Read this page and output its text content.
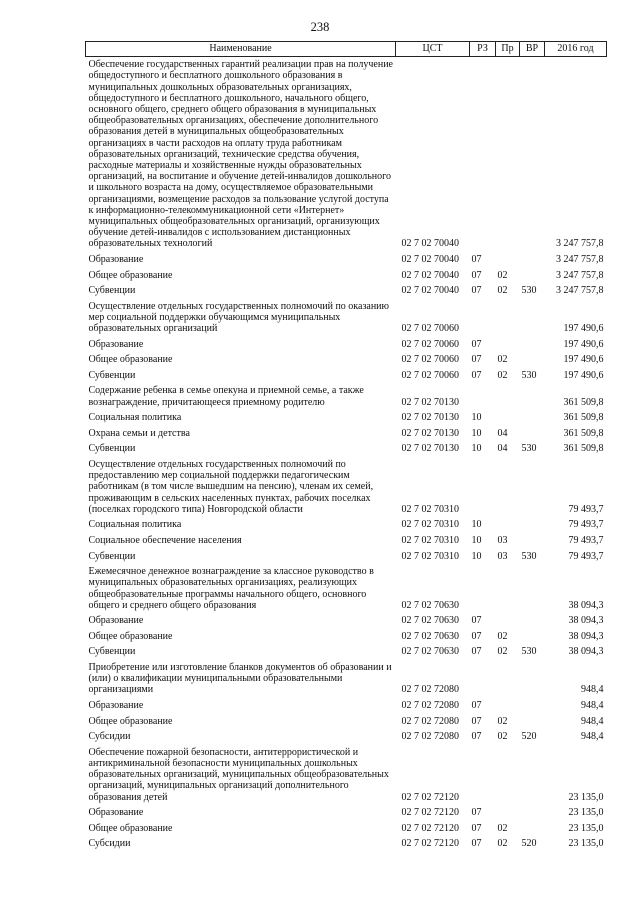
238
Наименование	ЦСТ	РЗ	Пр	ВР	2016 год
Обеспечение государственных гарантий реализации прав на получение общедоступного и бесплатного дошкольного образования в муниципальных дошкольных образовательных организациях, общедоступного и бесплатного дошкольного, начального общего, основного общего, среднего общего образования в муниципальных общеобразовательных организациях, обеспечение дополнительного образования детей в муниципальных общеобразовательных организациях в части расходов на оплату труда работникам образовательных организаций, технические средства обучения, расходные материалы и хозяйственные нужды образовательных организаций, на воспитание и обучение детей-инвалидов дошкольного и школьного возраста на дому, осуществляемое образовательными организациями, возмещение расходов за пользование услугой доступа к информационно-телекоммуникационной сети «Интернет» муниципальных общеобразовательных организаций, организующих обучение детей-инвалидов с использованием дистанционных образовательных технологий	02 7 02 70040				3 247 757,8
Образование	02 7 02 70040	07			3 247 757,8
Общее образование	02 7 02 70040	07	02		3 247 757,8
Субвенции	02 7 02 70040	07	02	530	3 247 757,8
Осуществление отдельных государственных полномочий по оказанию мер социальной поддержки обучающимся муниципальных образовательных организаций	02 7 02 70060				197 490,6
Образование	02 7 02 70060	07			197 490,6
Общее образование	02 7 02 70060	07	02		197 490,6
Субвенции	02 7 02 70060	07	02	530	197 490,6
Содержание ребенка в семье опекуна и приемной семье, а также вознаграждение, причитающееся приемному родителю	02 7 02 70130				361 509,8
Социальная политика	02 7 02 70130	10			361 509,8
Охрана семьи и детства	02 7 02 70130	10	04		361 509,8
Субвенции	02 7 02 70130	10	04	530	361 509,8
Осуществление отдельных государственных полномочий по предоставлению мер социальной поддержки педагогическим работникам (в том числе вышедшим на пенсию), членам их семей, проживающим в сельских населенных пунктах, рабочих поселках (поселках городского типа) Новгородской области	02 7 02 70310				79 493,7
Социальная политика	02 7 02 70310	10			79 493,7
Социальное обеспечение населения	02 7 02 70310	10	03		79 493,7
Субвенции	02 7 02 70310	10	03	530	79 493,7
Ежемесячное денежное вознаграждение за классное руководство в муниципальных образовательных организациях, реализующих общеобразовательные программы начального общего, основного общего и среднего общего образования	02 7 02 70630				38 094,3
Образование	02 7 02 70630	07			38 094,3
Общее образование	02 7 02 70630	07	02		38 094,3
Субвенции	02 7 02 70630	07	02	530	38 094,3
Приобретение или изготовление бланков документов об образовании и (или) о квалификации муниципальными образовательными организациями	02 7 02 72080				948,4
Образование	02 7 02 72080	07			948,4
Общее образование	02 7 02 72080	07	02		948,4
Субсидии	02 7 02 72080	07	02	520	948,4
Обеспечение пожарной безопасности, антитеррористической и антикриминальной безопасности муниципальных дошкольных образовательных организаций, муниципальных общеобразовательных организаций, муниципальных организаций дополнительного образования детей	02 7 02 72120				23 135,0
Образование	02 7 02 72120	07			23 135,0
Общее образование	02 7 02 72120	07	02		23 135,0
Субсидии	02 7 02 72120	07	02	520	23 135,0
